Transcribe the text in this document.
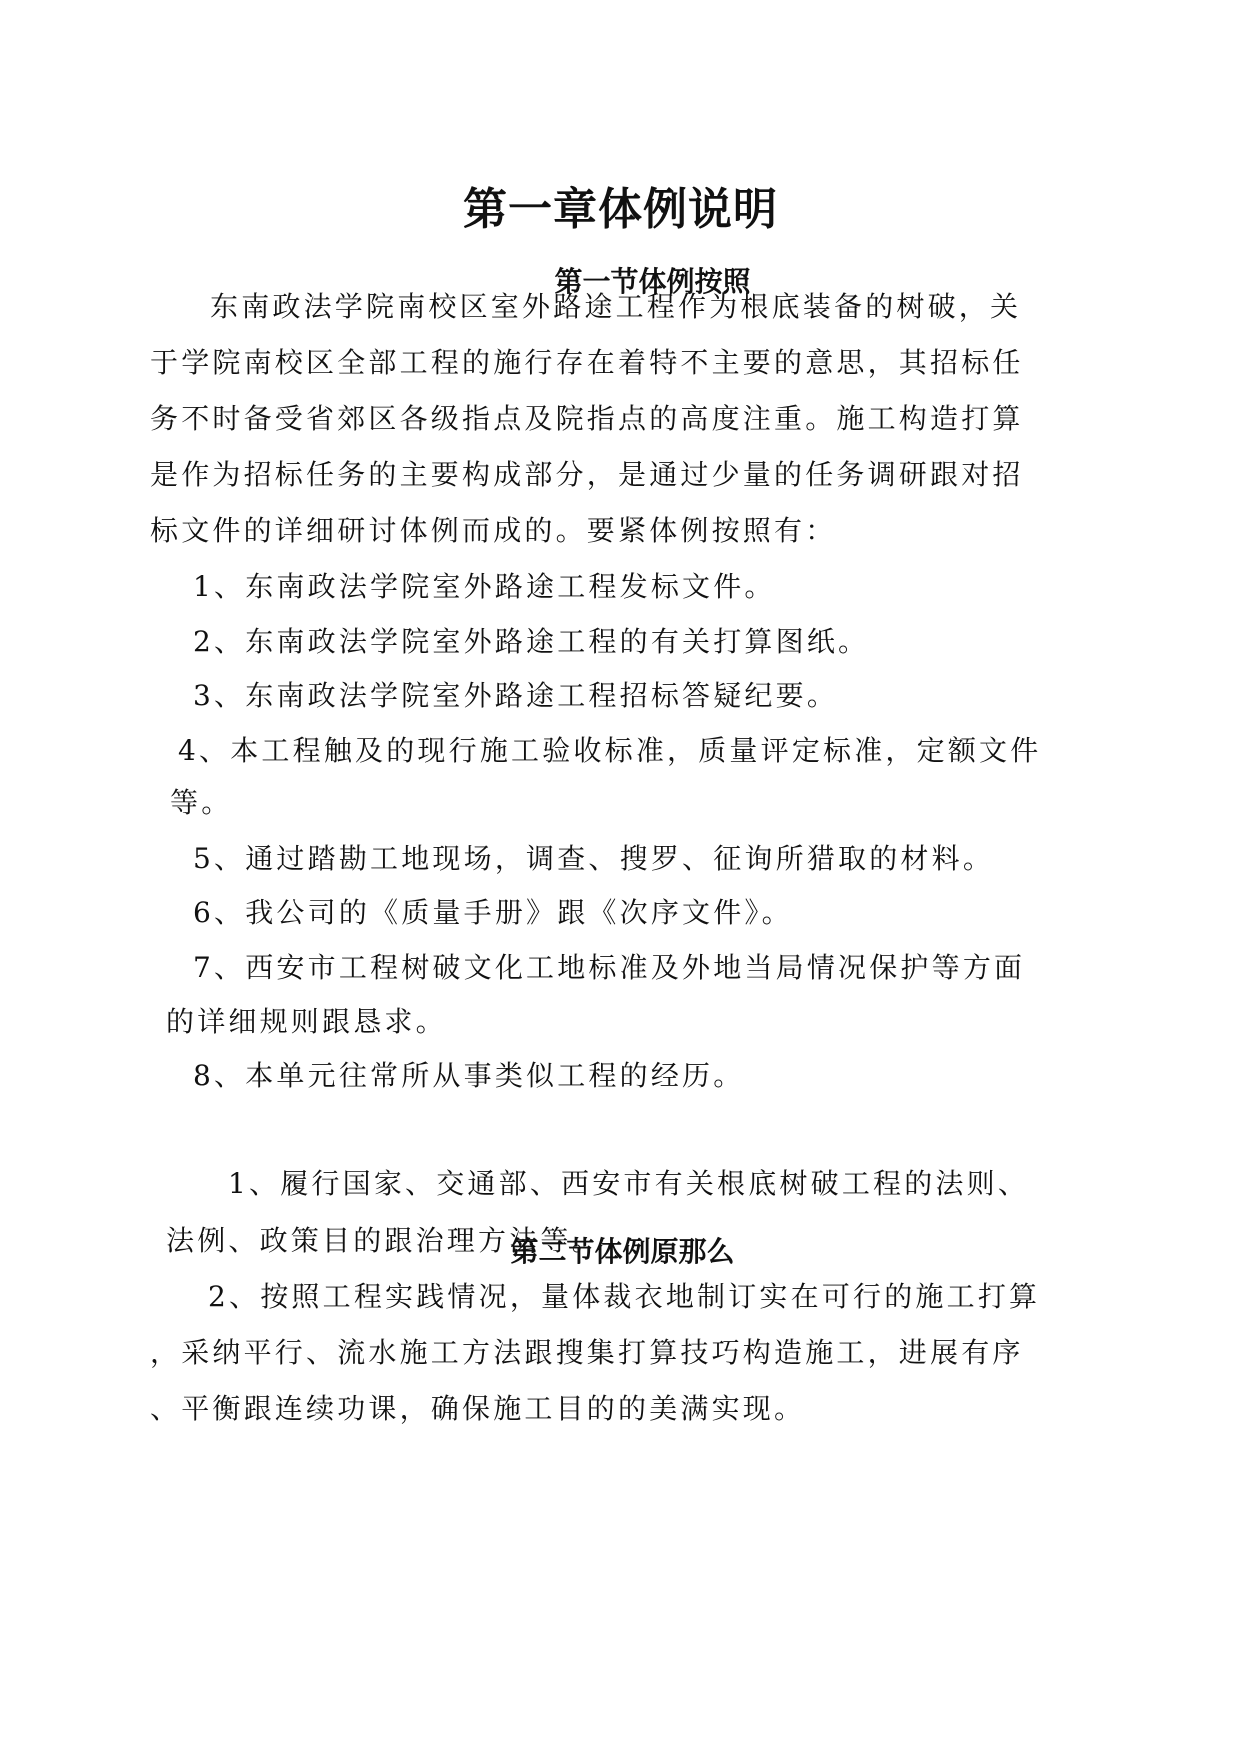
第一章体例说明
第一节体例按照
东南政法学院南校区室外路途工程作为根底装备的树破，关
于学院南校区全部工程的施行存在着特不主要的意思，其招标任
务不时备受省郊区各级指点及院指点的高度注重。施工构造打算
是作为招标任务的主要构成部分，是通过少量的任务调研跟对招
标文件的详细研讨体例而成的。要紧体例按照有：
1、东南政法学院室外路途工程发标文件。
2、东南政法学院室外路途工程的有关打算图纸。
3、东南政法学院室外路途工程招标答疑纪要。
4、本工程触及的现行施工验收标准，质量评定标准，定额文件
等。
5、通过踏勘工地现场，调查、搜罗、征询所猎取的材料。
6、我公司的《质量手册》跟《次序文件》。
7、西安市工程树破文化工地标准及外地当局情况保护等方面
的详细规则跟恳求。
8、本单元往常所从事类似工程的经历。
第二节体例原那么
1、履行国家、交通部、西安市有关根底树破工程的法则、
法例、政策目的跟治理方法等。
2、按照工程实践情况，量体裁衣地制订实在可行的施工打算
，采纳平行、流水施工方法跟搜集打算技巧构造施工，进展有序
、平衡跟连续功课，确保施工目的的美满实现。
